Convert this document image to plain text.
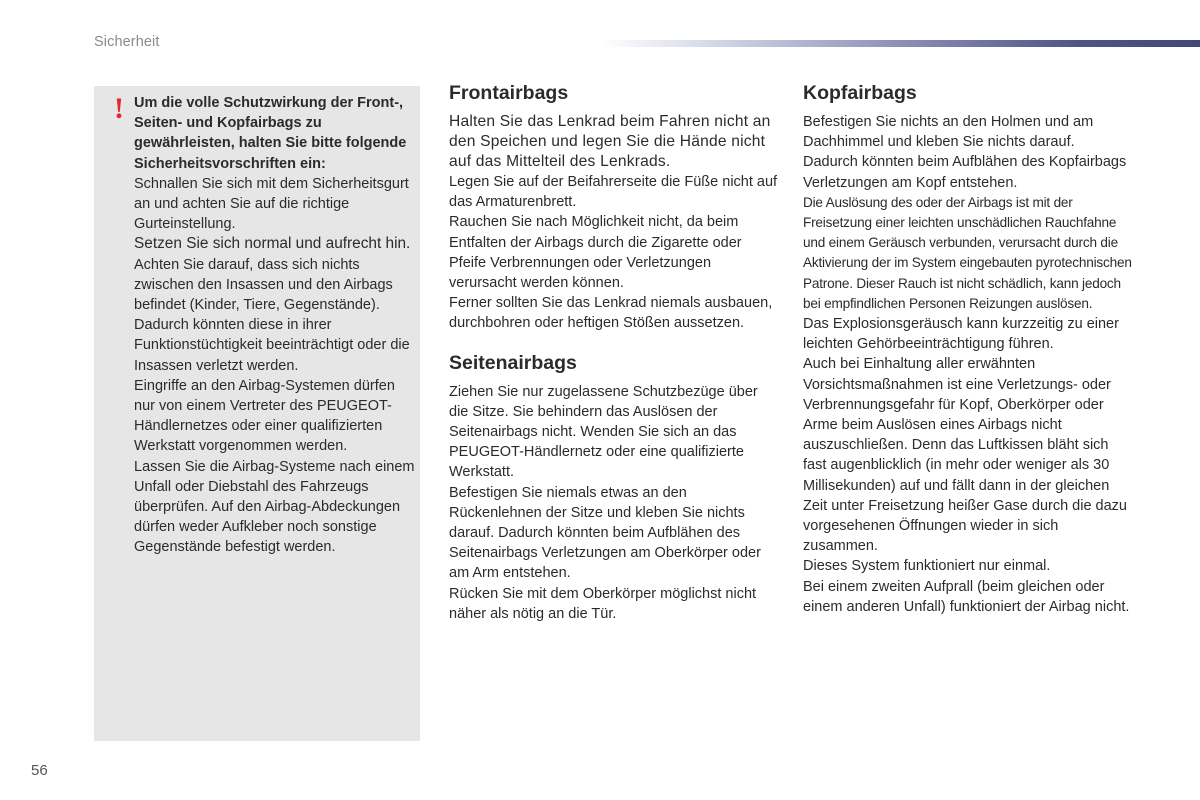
Sicherheit
! Um die volle Schutzwirkung der Front-, Seiten- und Kopfairbags zu gewährleisten, halten Sie bitte folgende Sicherheitsvorschriften ein:

Schnallen Sie sich mit dem Sicherheitsgurt an und achten Sie auf die richtige Gurteinstellung.

Setzen Sie sich normal und aufrecht hin.

Achten Sie darauf, dass sich nichts zwischen den Insassen und den Airbags befindet (Kinder, Tiere, Gegenstände). Dadurch könnten diese in ihrer Funktionstüchtigkeit beeinträchtigt oder die Insassen verletzt werden.

Eingriffe an den Airbag-Systemen dürfen nur von einem Vertreter des PEUGEOT-Händlernetzes oder einer qualifizierten Werkstatt vorgenommen werden.

Lassen Sie die Airbag-Systeme nach einem Unfall oder Diebstahl des Fahrzeugs überprüfen. Auf den Airbag-Abdeckungen dürfen weder Aufkleber noch sonstige Gegenstände befestigt werden.

Frontairbags

Halten Sie das Lenkrad beim Fahren nicht an den Speichen und legen Sie die Hände nicht auf das Mittelteil des Lenkrads.

Legen Sie auf der Beifahrerseite die Füße nicht auf das Armaturenbrett.

Rauchen Sie nach Möglichkeit nicht, da beim Entfalten der Airbags durch die Zigarette oder Pfeife Verbrennungen oder Verletzungen verursacht werden können.

Ferner sollten Sie das Lenkrad niemals ausbauen, durchbohren oder heftigen Stößen aussetzen.

Seitenairbags

Ziehen Sie nur zugelassene Schutzbezüge über die Sitze. Sie behindern das Auslösen der Seitenairbags nicht. Wenden Sie sich an das PEUGEOT-Händlernetz oder eine qualifizierte Werkstatt.

Befestigen Sie niemals etwas an den Rückenlehnen der Sitze und kleben Sie nichts darauf. Dadurch könnten beim Aufblähen des Seitenairbags Verletzungen am Oberkörper oder am Arm entstehen.

Rücken Sie mit dem Oberkörper möglichst nicht näher als nötig an die Tür.

Kopfairbags

Befestigen Sie nichts an den Holmen und am Dachhimmel und kleben Sie nichts darauf. Dadurch könnten beim Aufblähen des Kopfairbags Verletzungen am Kopf entstehen.

Die Auslösung des oder der Airbags ist mit der Freisetzung einer leichten unschädlichen Rauchfahne und einem Geräusch verbunden, verursacht durch die Aktivierung der im System eingebauten pyrotechnischen Patrone. Dieser Rauch ist nicht schädlich, kann jedoch bei empfindlichen Personen Reizungen auslösen.

Das Explosionsgeräusch kann kurzzeitig zu einer leichten Gehörbeeinträchtigung führen.

Auch bei Einhaltung aller erwähnten Vorsichtsmaßnahmen ist eine Verletzungs- oder Verbrennungsgefahr für Kopf, Oberkörper oder Arme beim Auslösen eines Airbags nicht auszuschließen. Denn das Luftkissen bläht sich fast augenblicklich (in mehr oder weniger als 30 Millisekunden) auf und fällt dann in der gleichen Zeit unter Freisetzung heißer Gase durch die dazu vorgesehenen Öffnungen wieder in sich zusammen.

Dieses System funktioniert nur einmal.

Bei einem zweiten Aufprall (beim gleichen oder einem anderen Unfall) funktioniert der Airbag nicht.

56
